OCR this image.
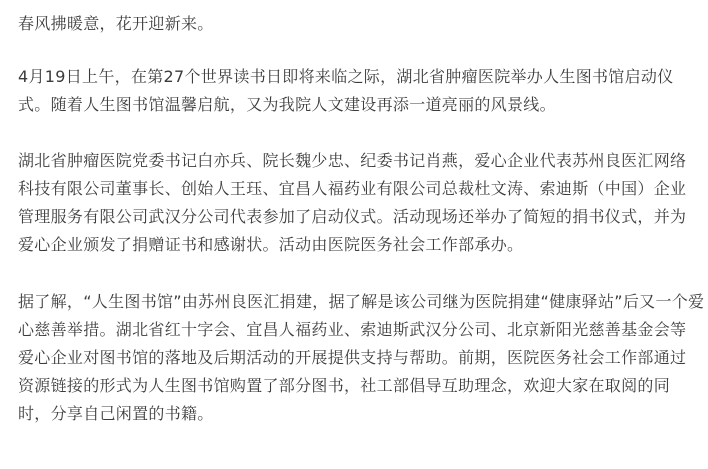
春风拂暖意，花开迎新来。

4月19日上午，在第27个世界读书日即将来临之际，湖北省肿瘤医院举办人生图书馆启动仪
式。随着人生图书馆温馨启航，又为我院人文建设再添一道亮丽的风景线。

湖北省肿瘤医院党委书记白亦兵、院长魏少忠、纪委书记肖燕，爱心企业代表苏州良医汇网络
科技有限公司董事长、创始人王珏、宜昌人福药业有限公司总裁杜文涛、索迪斯（中国）企业
管理服务有限公司武汉分公司代表参加了启动仪式。活动现场还举办了简短的捐书仪式，并为
爱心企业颁发了捐赠证书和感谢状。活动由医院医务社会工作部承办。

据了解，“人生图书馆”由苏州良医汇捐建，据了解是该公司继为医院捐建“健康驿站”后又一个爱
心慈善举措。湖北省红十字会、宜昌人福药业、索迪斯武汉分公司、北京新阳光慈善基金会等
爱心企业对图书馆的落地及后期活动的开展提供支持与帮助。前期，医院医务社会工作部通过
资源链接的形式为人生图书馆购置了部分图书，社工部倡导互助理念，欢迎大家在取阅的同
时，分享自己闲置的书籍。
